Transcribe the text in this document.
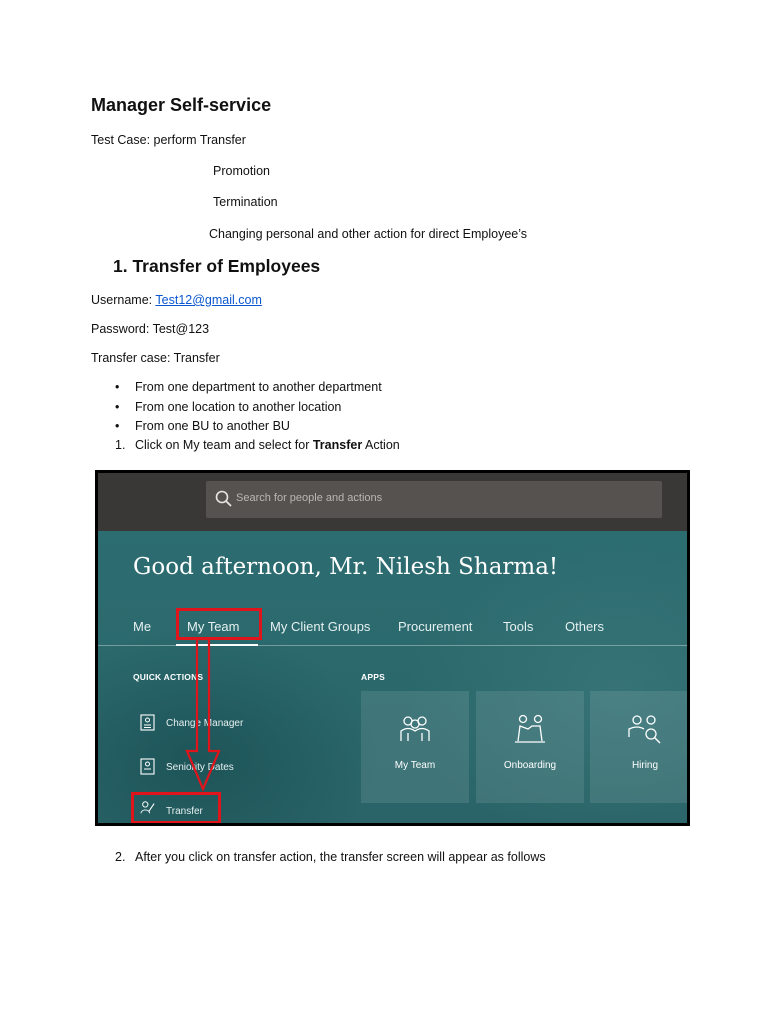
Manager Self-service
Test Case: perform Transfer
Promotion
Termination
Changing personal and other action for direct Employee’s
1. Transfer of Employees
Username: Test12@gmail.com
Password: Test@123
Transfer case: Transfer
• From one department to another department
• From one location to another location
• From one BU to another BU
1. Click on My team and select for Transfer Action
Search for people and actions
Good afternoon, Mr. Nilesh Sharma!
Me	My Team My Client Groups Procurement Tools Others
QUICK ACTIONS	APPS
Change Manager
Seniority Dates
Transfer
My Team	Onboarding	Hiring
2. After you click on transfer action, the transfer screen will appear as follows
